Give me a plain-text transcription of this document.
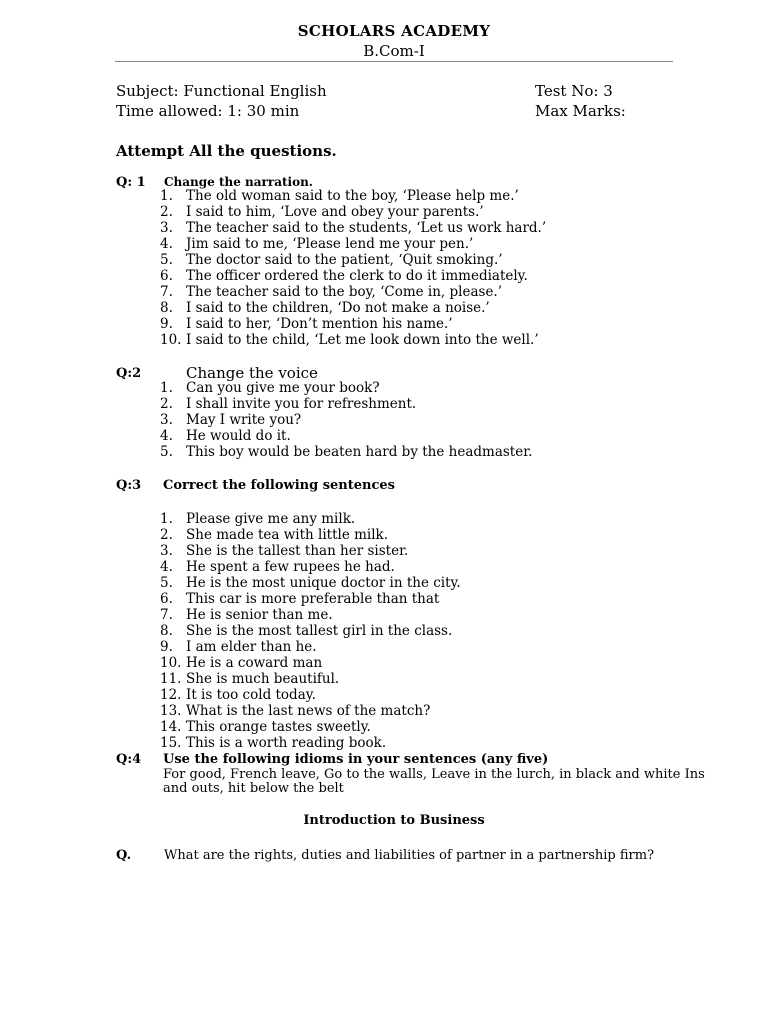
SCHOLARS ACADEMY
B.Com-I
Subject: Functional English	Test No: 3
Time allowed: 1: 30 min	Max Marks:
Attempt All the questions.
Q: 1 Change the narration.
1. The old woman said to the boy, ‘Please help me.’
2. I said to him, ‘Love and obey your parents.’
3. The teacher said to the students, ‘Let us work hard.’
4. Jim said to me, ‘Please lend me your pen.’
5. The doctor said to the patient, ‘Quit smoking.’
6. The officer ordered the clerk to do it immediately.
7. The teacher said to the boy, ‘Come in, please.’
8. I said to the children, ‘Do not make a noise.’
9. I said to her, ‘Don’t mention his name.’
10. I said to the child, ‘Let me look down into the well.’
Q:2	Change the voice
1. Can you give me your book?
2. I shall invite you for refreshment.
3. May I write you?
4. He would do it.
5. This boy would be beaten hard by the headmaster.
Q:3 Correct the following sentences
1. Please give me any milk.
2. She made tea with little milk.
3. She is the tallest than her sister.
4. He spent a few rupees he had.
5. He is the most unique doctor in the city.
6. This car is more preferable than that
7. He is senior than me.
8. She is the most tallest girl in the class.
9. I am elder than he.
10. He is a coward man
11. She is much beautiful.
12. It is too cold today.
13. What is the last news of the match?
14. This orange tastes sweetly.
15. This is a worth reading book.
Q:4 Use the following idioms in your sentences (any five)
For good, French leave, Go to the walls, Leave in the lurch, in black and white Ins
and outs, hit below the belt
Introduction to Business
Q.	What are the rights, duties and liabilities of partner in a partnership firm?
